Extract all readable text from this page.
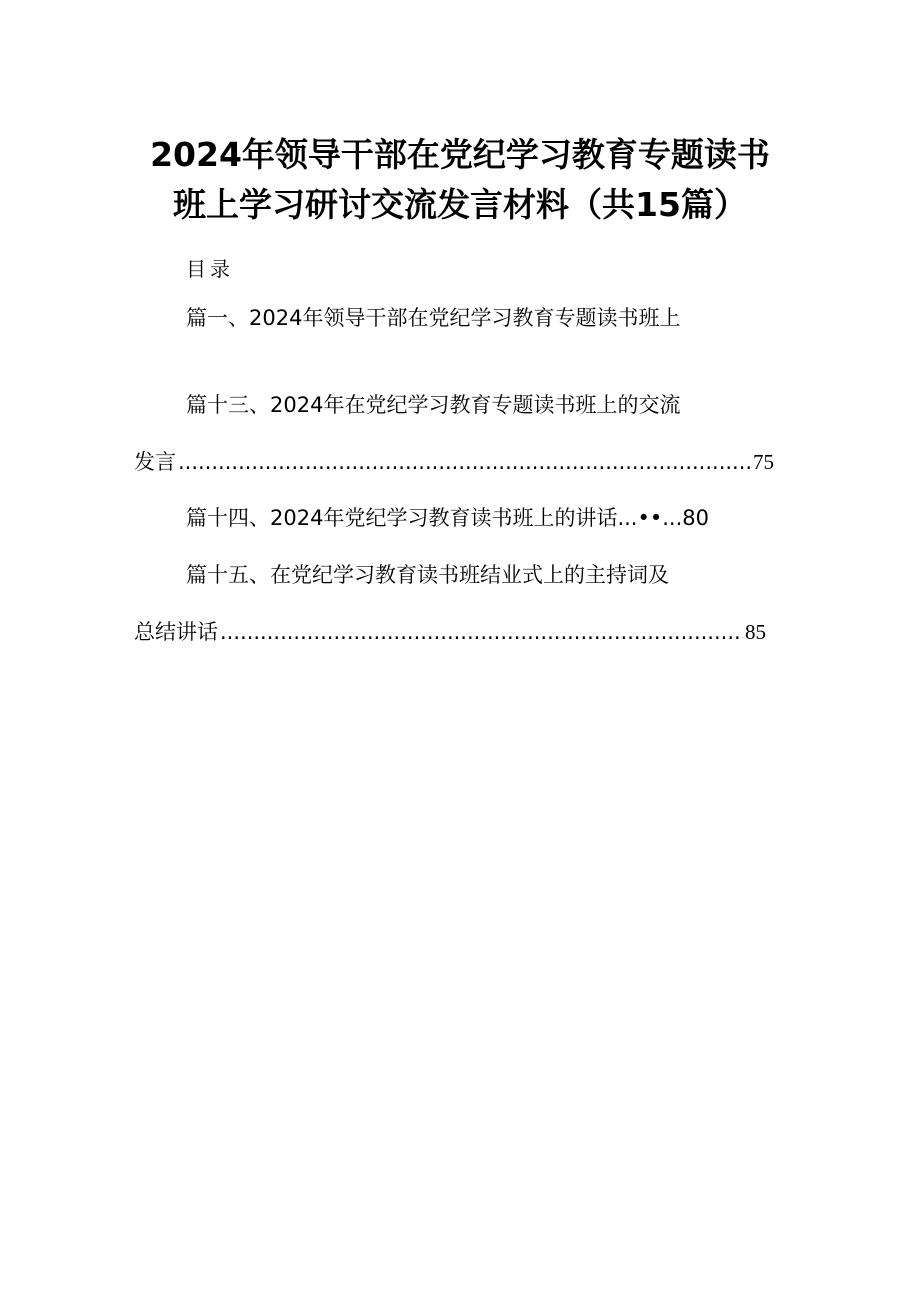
2024年领导干部在党纪学习教育专题读书
班上学习研讨交流发言材料（共15篇）
目录
篇一、2024年领导干部在党纪学习教育专题读书班上
篇十三、2024年在党纪学习教育专题读书班上的交流
发言 .....	75
篇十四、2024年党纪学习教育读书班上的讲话...••...80
篇十五、在党纪学习教育读书班结业式上的主持词及
总结讲话 .....	85
